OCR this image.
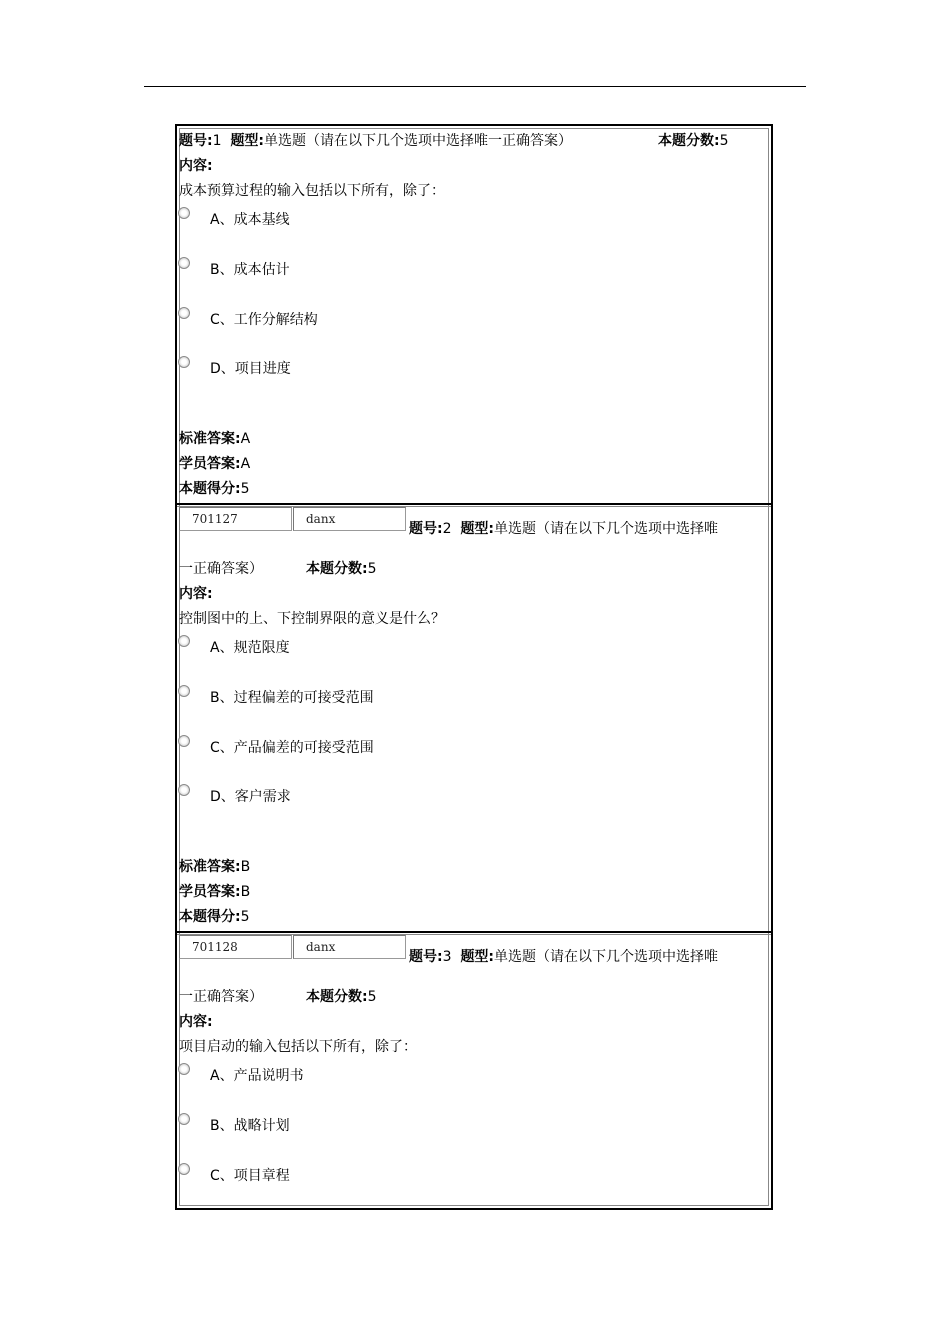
题号:1 题型:单选题（请在以下几个选项中选择唯一正确答案）	本题分数:5
内容:
成本预算过程的输入包括以下所有，除了：
A、成本基线
B、成本估计
C、工作分解结构
D、项目进度
标准答案:A
学员答案:A
本题得分:5
701127	danx
题号:2 题型:单选题（请在以下几个选项中选择唯
一正确答案）	本题分数:5
内容:
控制图中的上、下控制界限的意义是什么？
A、规范限度
B、过程偏差的可接受范围
C、产品偏差的可接受范围
D、客户需求
标准答案:B
学员答案:B
本题得分:5
701128	danx
题号:3 题型:单选题（请在以下几个选项中选择唯
一正确答案）	本题分数:5
内容:
项目启动的输入包括以下所有，除了：
A、产品说明书
B、战略计划
C、项目章程
